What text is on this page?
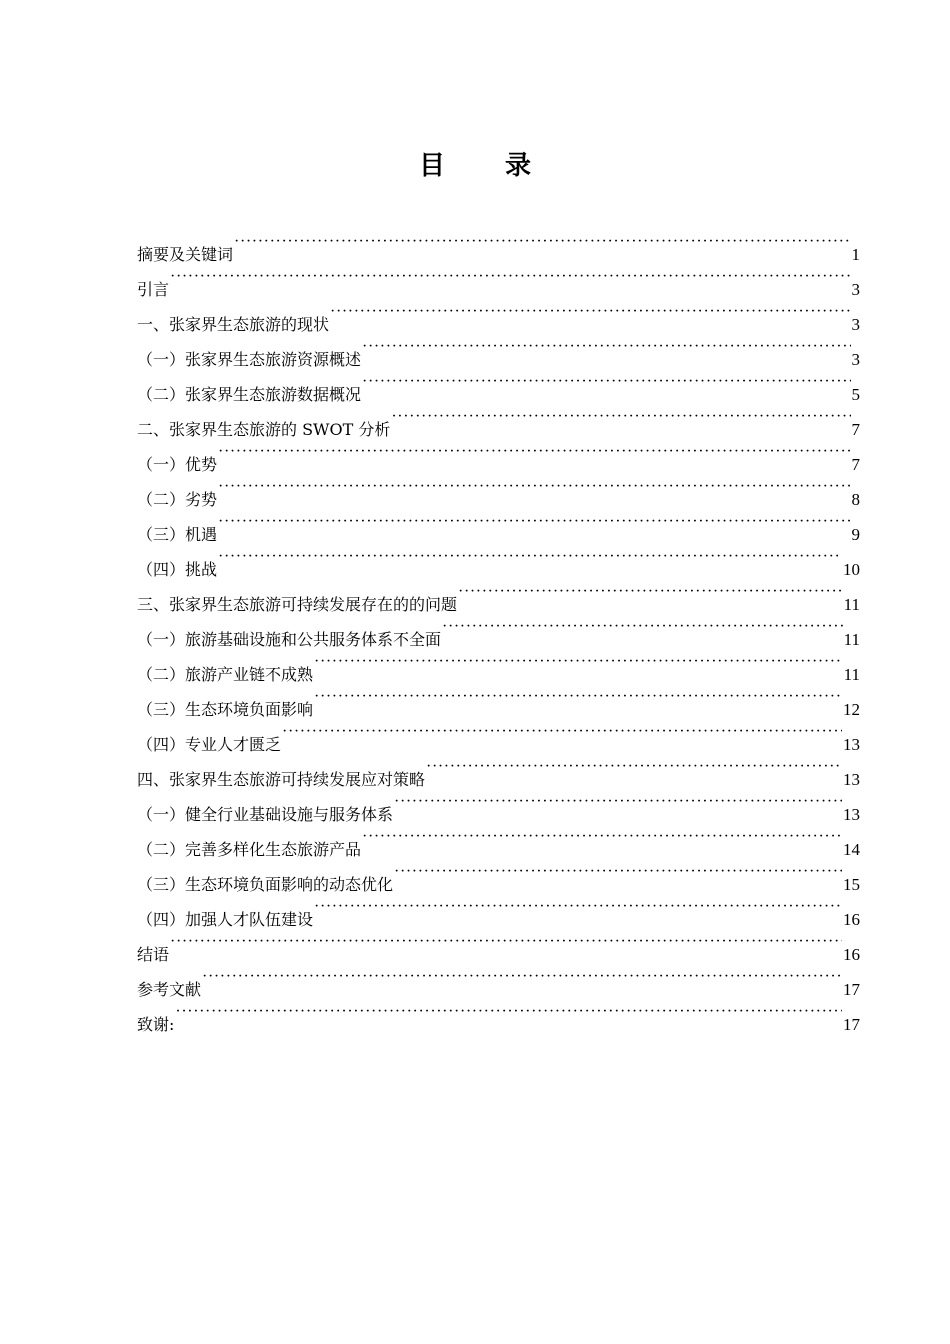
目 录
摘要及关键词 ·····	1
引言 ·····	3
一、张家界生态旅游的现状 ·····	3
（一）张家界生态旅游资源概述 ·····	3
（二）张家界生态旅游数据概况 ·····	5
二、张家界生态旅游的 SWOT 分析 ·····	7
（一）优势 ·····	7
（二）劣势 ·····	8
（三）机遇 ·····	9
（四）挑战 ·····	10
三、张家界生态旅游可持续发展存在的的问题 ·····	11
（一）旅游基础设施和公共服务体系不全面 ·····	11
（二）旅游产业链不成熟 ·····	11
（三）生态环境负面影响 ·····	12
（四）专业人才匮乏 ·····	13
四、张家界生态旅游可持续发展应对策略 ·····	13
（一）健全行业基础设施与服务体系 ·····	13
（二）完善多样化生态旅游产品 ·····	14
（三）生态环境负面影响的动态优化 ·····	15
（四）加强人才队伍建设 ·····	16
结语 ·····	16
参考文献 ·····	17
致谢: ·····	17
